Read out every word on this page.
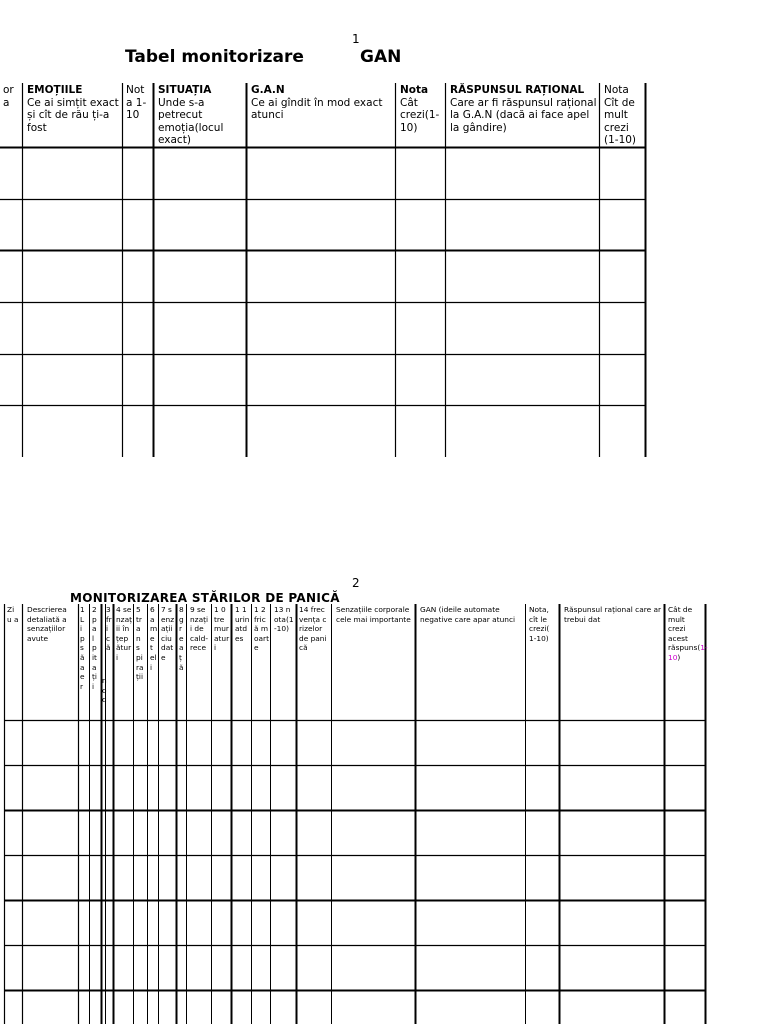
1
Tabel monitorizare	GAN
or a
EMOȚIILE
Ce ai simțit exact și cît de rău ți-a fost
Not a 1-10
SITUAȚIA
Unde s-a petrecut emoția(locul exact)
G.A.N
Ce ai gîndit în mod exact atunci
Nota
Cât crezi(1-10)
RĂSPUNSUL RAȚIONAL
Care ar fi răspunsul rațional la G.A.N (dacă ai face apel la gândire)
Nota Cît de mult crezi (1-10)
2
MONITORIZAREA STĂRILOR DE PANICĂ
Zi u a
Descrierea detaliată a senzațiilor avute
1 Lipsă aer
2 palpitații
3 frică
nod
4 senzații înțepături
5 transpirații
6 ameteli
7 senzații ciudate
8 greață
9 senzații de cald-rece
1 0 tremuraturi
1 1 urinatdes
1 2 frică moarte
13 nota(1-10)
14 frecvența crizelor de panică
Senzațiile corporale cele mai importante
GAN (ideile automate negative care apar atunci
Nota, cît le crezi( 1-10)
Răspunsul rațional care ar trebui dat
Cât de mult crezi acest răspuns(1-10)
